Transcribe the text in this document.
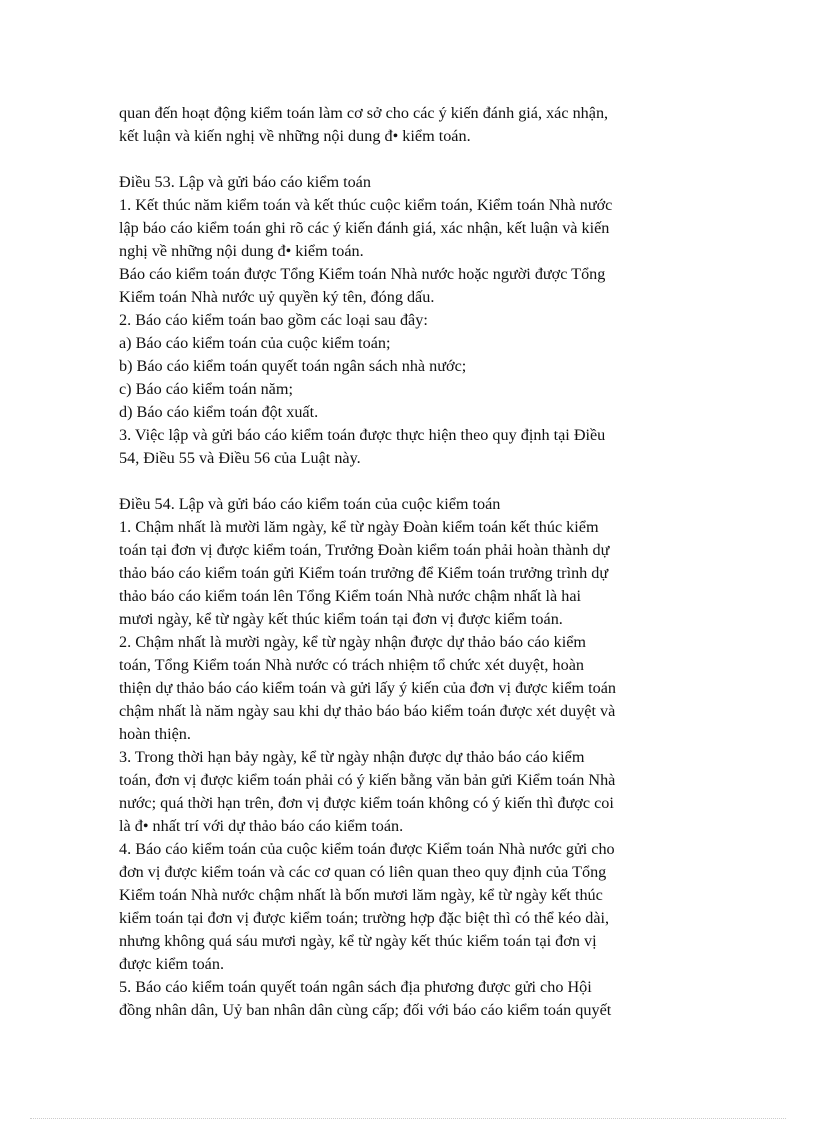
quan đến hoạt động kiểm toán làm cơ sở cho các ý kiến đánh giá, xác nhận,
kết luận và kiến nghị về những nội dung đ• kiểm toán.
Điều 53. Lập và gửi báo cáo kiểm toán
1. Kết thúc năm kiểm toán và kết thúc cuộc kiểm toán, Kiểm toán Nhà nước
lập báo cáo kiểm toán ghi rõ các ý kiến đánh giá, xác nhận, kết luận và kiến
nghị về những nội dung đ• kiểm toán.
Báo cáo kiểm toán được Tổng Kiểm toán Nhà nước hoặc người được Tổng
Kiểm toán Nhà nước uỷ quyền ký tên, đóng dấu.
2. Báo cáo kiểm toán bao gồm các loại sau đây:
a) Báo cáo kiểm toán của cuộc kiểm toán;
b) Báo cáo kiểm toán quyết toán ngân sách nhà nước;
c) Báo cáo kiểm toán năm;
d) Báo cáo kiểm toán đột xuất.
3. Việc lập và gửi báo cáo kiểm toán được thực hiện theo quy định tại Điều
54, Điều 55 và Điều 56 của Luật này.
Điều 54. Lập và gửi báo cáo kiểm toán của cuộc kiểm toán
1. Chậm nhất là mười lăm ngày, kể từ ngày Đoàn kiểm toán kết thúc kiểm
toán tại đơn vị được kiểm toán, Trưởng Đoàn kiểm toán phải hoàn thành dự
thảo báo cáo kiểm toán gửi Kiểm toán trưởng để Kiểm toán trưởng trình dự
thảo báo cáo kiểm toán lên Tổng Kiểm toán Nhà nước chậm nhất là hai
mươi ngày, kể từ ngày kết thúc kiểm toán tại đơn vị được kiểm toán.
2. Chậm nhất là mười ngày, kể từ ngày nhận được dự thảo báo cáo kiểm
toán, Tổng Kiểm toán Nhà nước có trách nhiệm tổ chức xét duyệt, hoàn
thiện dự thảo báo cáo kiểm toán và gửi lấy ý kiến của đơn vị được kiểm toán
chậm nhất là năm ngày sau khi dự thảo báo báo kiểm toán được xét duyệt và
hoàn thiện.
3. Trong thời hạn bảy ngày, kể từ ngày nhận được dự thảo báo cáo kiểm
toán, đơn vị được kiểm toán phải có ý kiến bằng văn bản gửi Kiểm toán Nhà
nước; quá thời hạn trên, đơn vị được kiểm toán không có ý kiến thì được coi
là đ• nhất trí với dự thảo báo cáo kiểm toán.
4. Báo cáo kiểm toán của cuộc kiểm toán được Kiểm toán Nhà nước gửi cho
đơn vị được kiểm toán và các cơ quan có liên quan theo quy định của Tổng
Kiểm toán Nhà nước chậm nhất là bốn mươi lăm ngày, kể từ ngày kết thúc
kiểm toán tại đơn vị được kiểm toán; trường hợp đặc biệt thì có thể kéo dài,
nhưng không quá sáu mươi ngày, kể từ ngày kết thúc kiểm toán tại đơn vị
được kiểm toán.
5. Báo cáo kiểm toán quyết toán ngân sách địa phương được gửi cho Hội
đồng nhân dân, Uỷ ban nhân dân cùng cấp; đối với báo cáo kiểm toán quyết
